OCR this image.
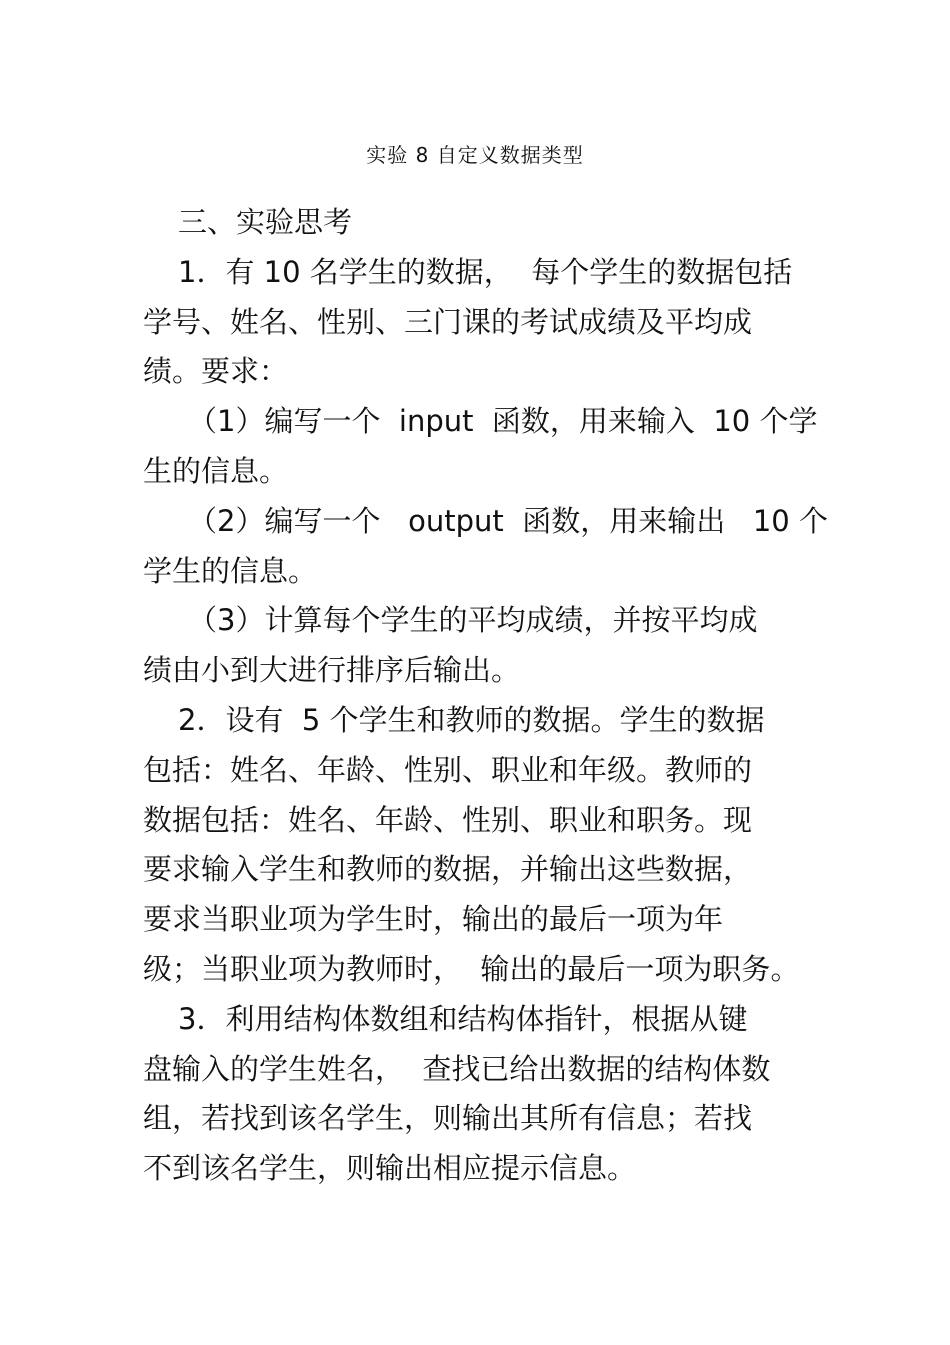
实验 8 自定义数据类型
三、实验思考
1．有 10 名学生的数据，  每个学生的数据包括
学号、姓名、性别、三门课的考试成绩及平均成
绩。要求：
（1）编写一个  input  函数，用来输入  10 个学
生的信息。
（2）编写一个   output  函数，用来输出   10 个
学生的信息。
（3）计算每个学生的平均成绩，并按平均成
绩由小到大进行排序后输出。
2．设有  5 个学生和教师的数据。学生的数据
包括：姓名、年龄、性别、职业和年级。教师的
数据包括：姓名、年龄、性别、职业和职务。现
要求输入学生和教师的数据，并输出这些数据，
要求当职业项为学生时，输出的最后一项为年
级；当职业项为教师时，  输出的最后一项为职务。
3．利用结构体数组和结构体指针，根据从键
盘输入的学生姓名，  查找已给出数据的结构体数
组，若找到该名学生，则输出其所有信息；若找
不到该名学生，则输出相应提示信息。
